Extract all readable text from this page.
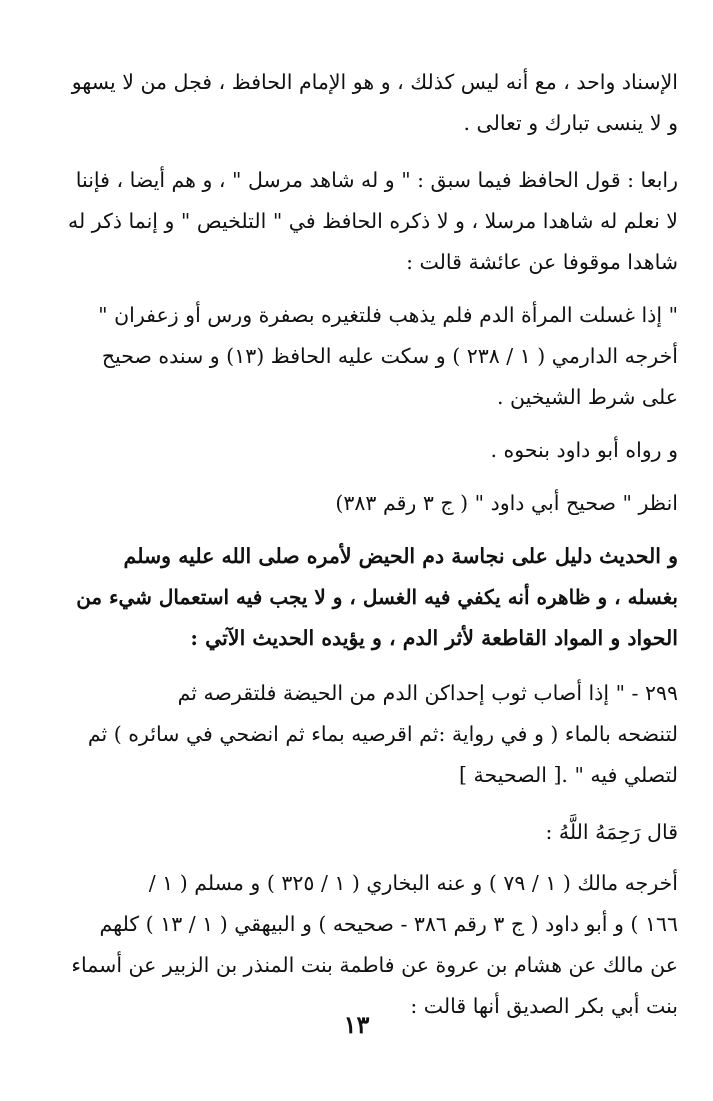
الإسناد واحد ، مع أنه ليس كذلك ، و هو الإمام الحافظ ، فجل من لا يسهو
و لا ينسى تبارك و تعالى .

رابعا : قول الحافظ فيما سبق : " و له شاهد مرسل " ، و هم أيضا ، فإننا
لا نعلم له شاهدا مرسلا ، و لا ذكره الحافظ في " التلخيص " و إنما ذكر له
شاهدا موقوفا عن عائشة قالت :

" إذا غسلت المرأة الدم فلم يذهب فلتغيره بصفرة ورس أو زعفران "
أخرجه الدارمي ( ١ / ٢٣٨ ) و سكت عليه الحافظ (١٣) و سنده صحيح
على شرط الشيخين .

و رواه أبو داود بنحوه .

انظر " صحيح أبي داود " ( ج ٣ رقم ٣٨٣)

و الحديث دليل على نجاسة دم الحيض لأمره صلى الله عليه وسلم
بغسله ، و ظاهره أنه يكفي فيه الغسل ، و لا يجب فيه استعمال شيء من
الحواد و المواد القاطعة لأثر الدم ، و يؤيده الحديث الآتي :

٢٩٩ - " إذا أصاب ثوب إحداكن الدم من الحيضة فلتقرصه ثم
لتنضحه بالماء ( و في رواية :ثم اقرصيه بماء ثم انضحي في سائره ) ثم
لتصلي فيه " .[ الصحيحة ]

قال رَحِمَهُ اللَّهُ :

أخرجه مالك ( ١ / ٧٩ ) و عنه البخاري ( ١ / ٣٢٥ ) و مسلم ( ١ /
١٦٦ ) و أبو داود ( ج ٣ رقم ٣٨٦ - صحيحه ) و البيهقي ( ١ / ١٣ ) كلهم
عن مالك عن هشام بن عروة عن فاطمة بنت المنذر بن الزبير عن أسماء
بنت أبي بكر الصديق أنها قالت :

١٣
